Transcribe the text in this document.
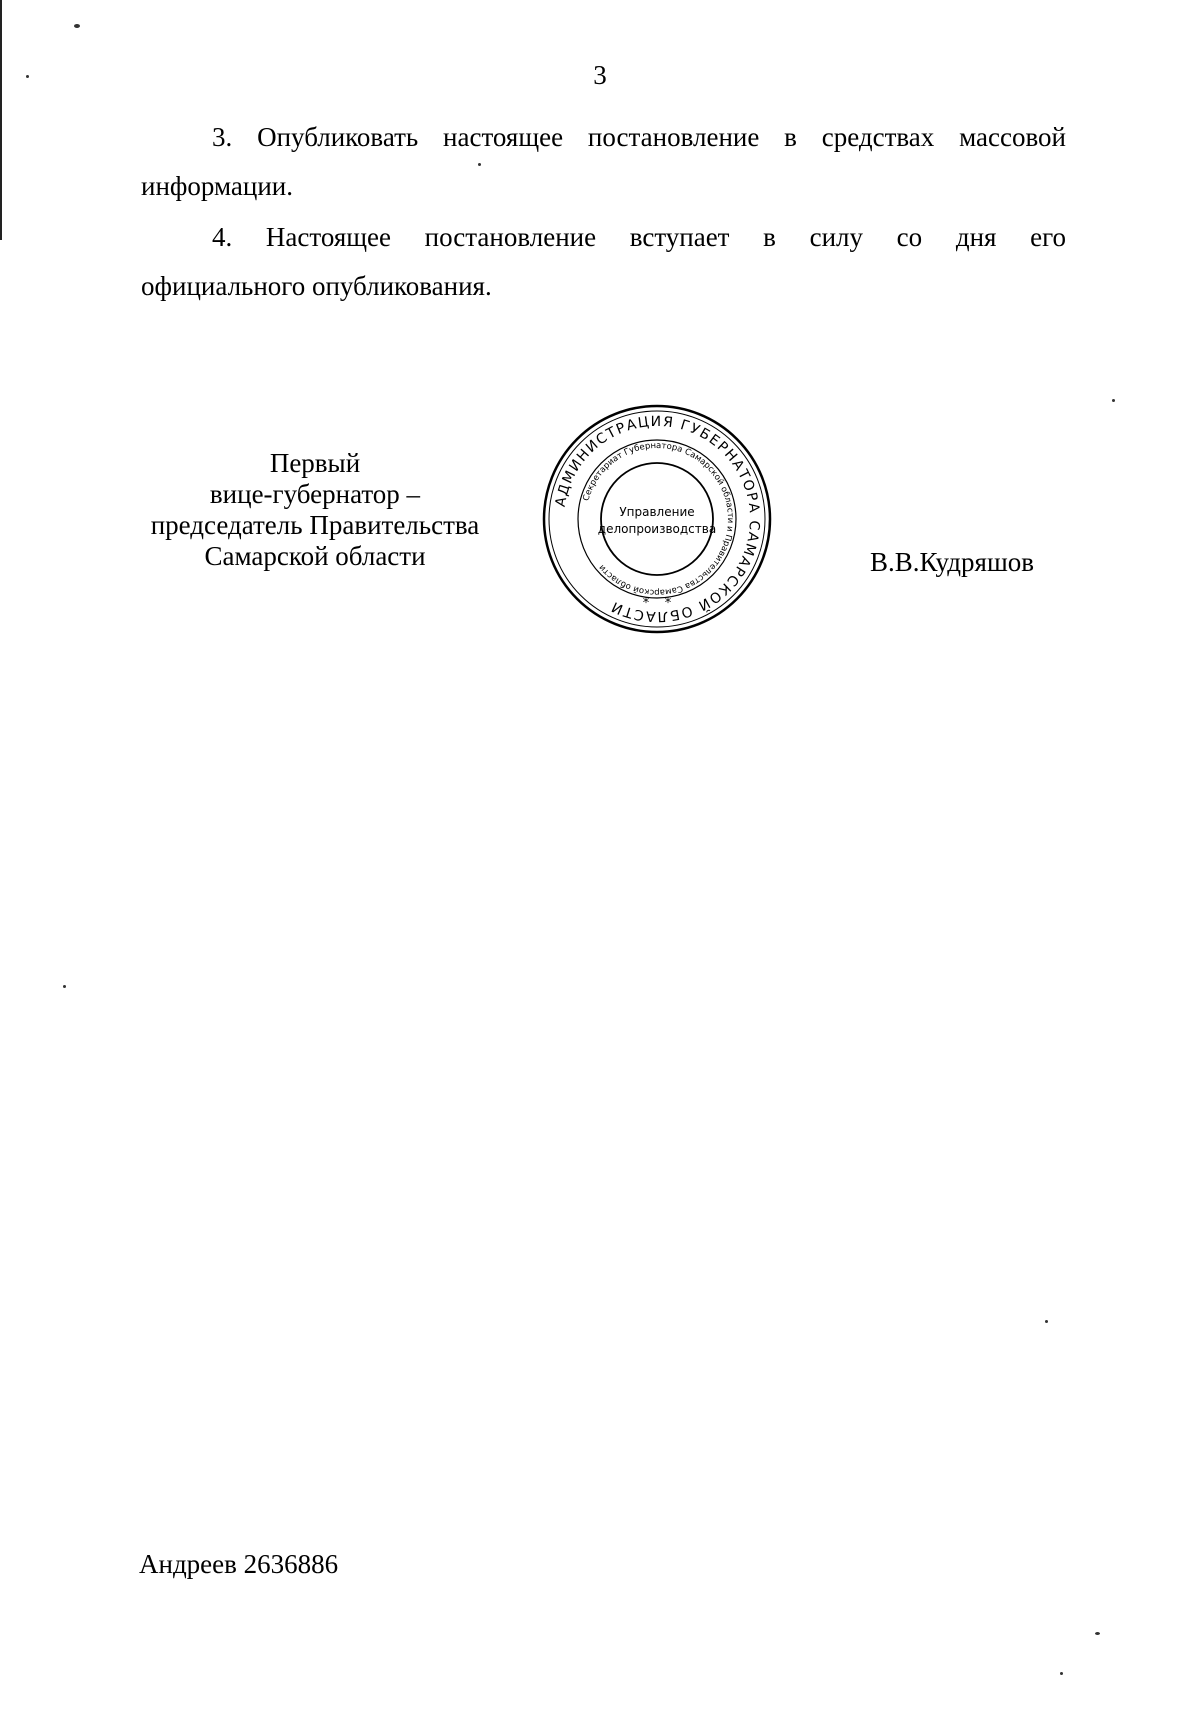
3
3. Опубликовать настоящее постановление в средствах массовой
информации.
4. Настоящее постановление вступает в силу со дня его
официального опубликования.
Первый
вице-губернатор –
председатель Правительства
Самарской области
АДМИНИСТРАЦИЯ ГУБЕРНАТОРА САМАРСКОЙ ОБЛАСТИ
Секретариат Губернатора Самарской области и Правительства Самарской области
Управление
делопроизводства
* *
В.В.Кудряшов
Андреев 2636886
